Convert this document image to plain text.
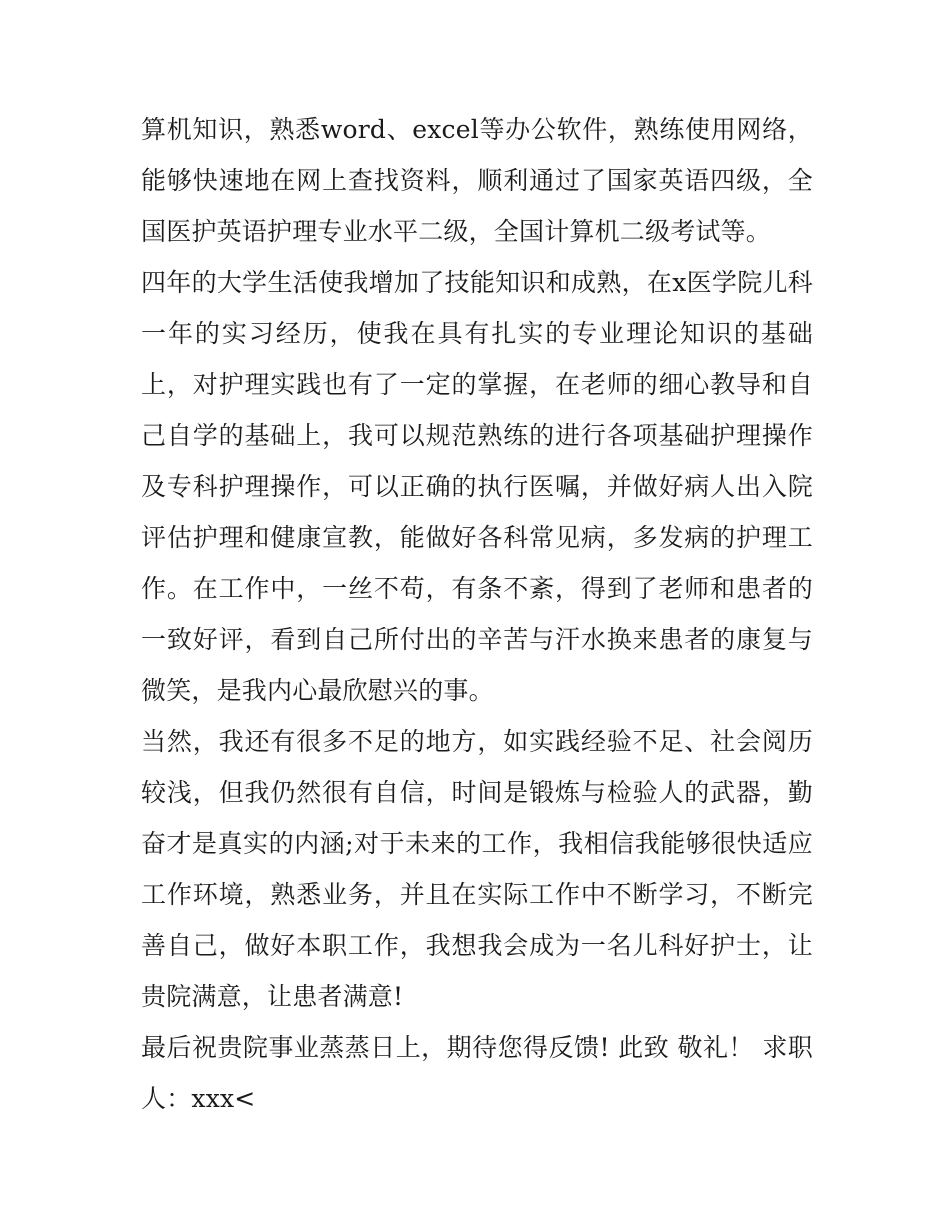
算机知识，熟悉word、excel等办公软件，熟练使用网络，能够快速地在网上查找资料，顺利通过了国家英语四级，全国医护英语护理专业水平二级，全国计算机二级考试等。

四年的大学生活使我增加了技能知识和成熟，在x医学院儿科一年的实习经历，使我在具有扎实的专业理论知识的基础上，对护理实践也有了一定的掌握，在老师的细心教导和自己自学的基础上，我可以规范熟练的进行各项基础护理操作及专科护理操作，可以正确的执行医嘱，并做好病人出入院评估护理和健康宣教，能做好各科常见病，多发病的护理工作。在工作中，一丝不苟，有条不紊，得到了老师和患者的一致好评，看到自己所付出的辛苦与汗水换来患者的康复与微笑，是我内心最欣慰兴的事。

当然，我还有很多不足的地方，如实践经验不足、社会阅历较浅，但我仍然很有自信，时间是锻炼与检验人的武器，勤奋才是真实的内涵;对于未来的工作，我相信我能够很快适应工作环境，熟悉业务，并且在实际工作中不断学习，不断完善自己，做好本职工作，我想我会成为一名儿科好护士，让贵院满意，让患者满意!

最后祝贵院事业蒸蒸日上，期待您得反馈! 此致 敬礼！ 求职人：xxx<
